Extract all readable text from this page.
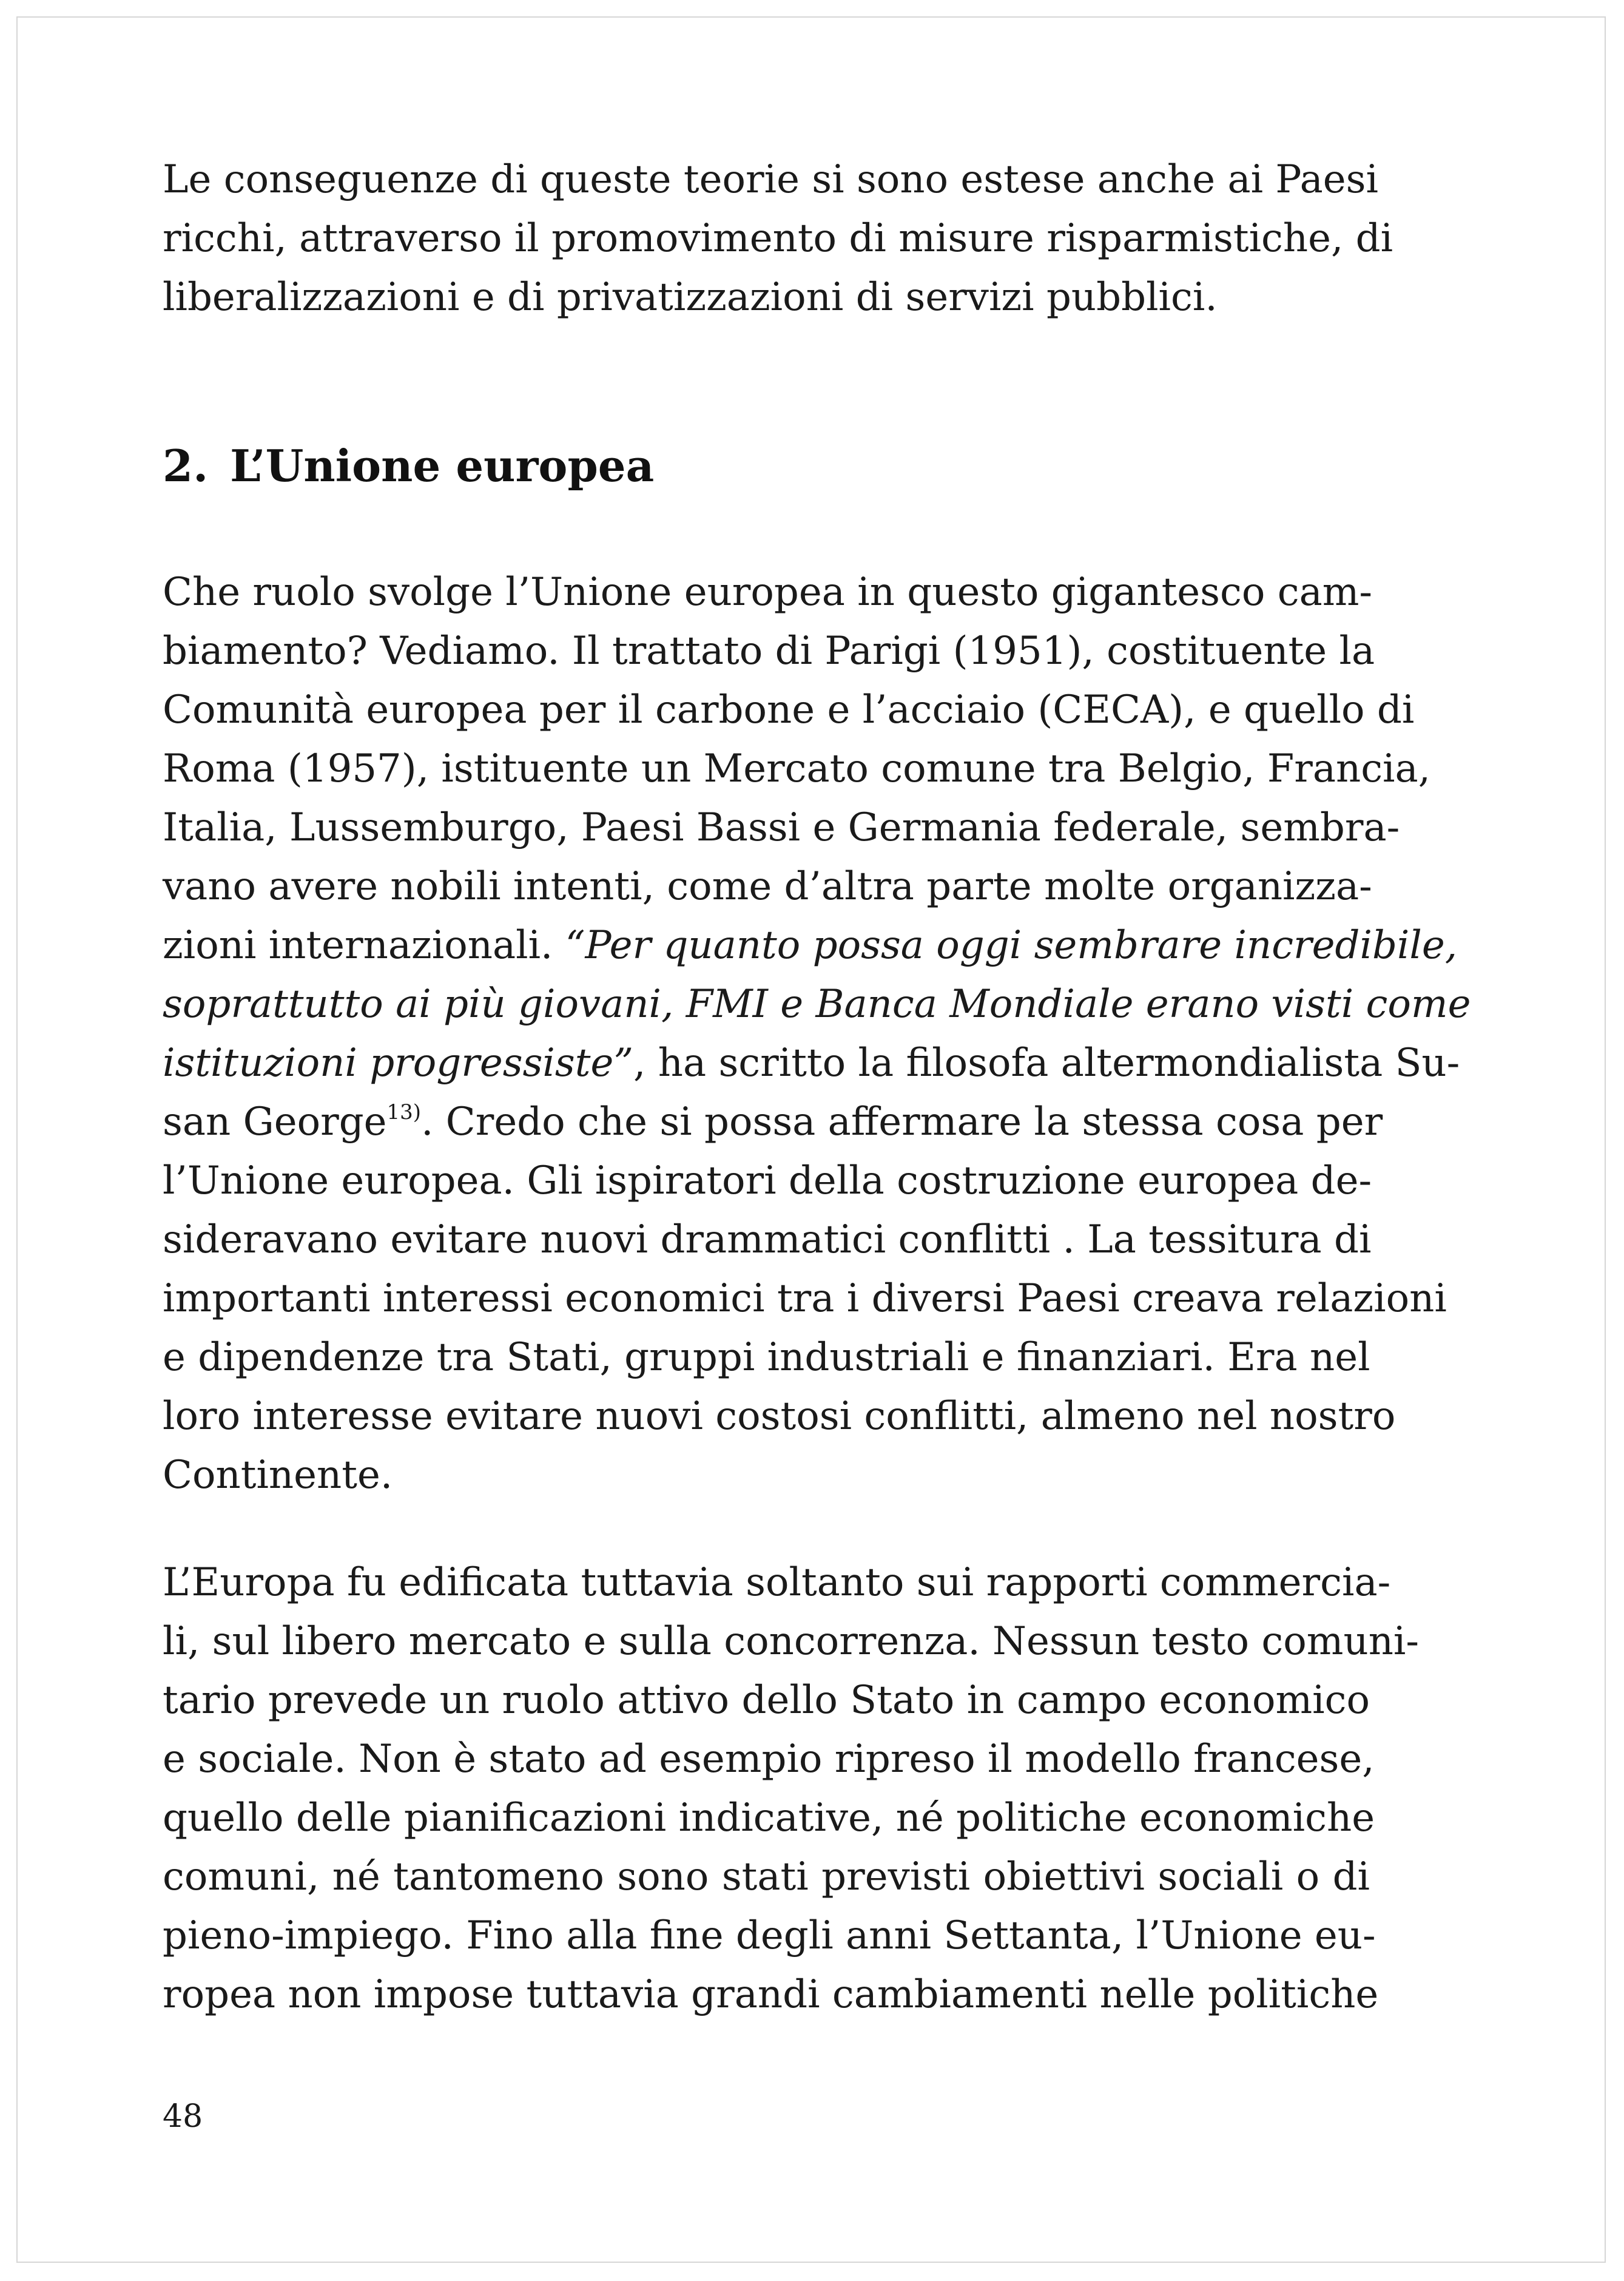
Le conseguenze di queste teorie si sono estese anche ai Paesi
ricchi, attraverso il promovimento di misure risparmistiche, di
liberalizzazioni e di privatizzazioni di servizi pubblici.
2. L’Unione europea
Che ruolo svolge l’Unione europea in questo gigantesco cam-
biamento? Vediamo. Il trattato di Parigi (1951), costituente la
Comunità europea per il carbone e l’acciaio (CECA), e quello di
Roma (1957), istituente un Mercato comune tra Belgio, Francia,
Italia, Lussemburgo, Paesi Bassi e Germania federale, sembra-
vano avere nobili intenti, come d’altra parte molte organizza-
zioni internazionali. “Per quanto possa oggi sembrare incredibile,
soprattutto ai più giovani, FMI e Banca Mondiale erano visti come
istituzioni progressiste”, ha scritto la filosofa altermondialista Su-
san George$^{13)}$. Credo che si possa affermare la stessa cosa per
l’Unione europea. Gli ispiratori della costruzione europea de-
sideravano evitare nuovi drammatici conflitti . La tessitura di
importanti interessi economici tra i diversi Paesi creava relazioni
e dipendenze tra Stati, gruppi industriali e finanziari. Era nel
loro interesse evitare nuovi costosi conflitti, almeno nel nostro
Continente.
L’Europa fu edificata tuttavia soltanto sui rapporti commercia-
li, sul libero mercato e sulla concorrenza. Nessun testo comuni-
tario prevede un ruolo attivo dello Stato in campo economico
e sociale. Non è stato ad esempio ripreso il modello francese,
quello delle pianificazioni indicative, né politiche economiche
comuni, né tantomeno sono stati previsti obiettivi sociali o di
pieno-impiego. Fino alla fine degli anni Settanta, l’Unione eu-
ropea non impose tuttavia grandi cambiamenti nelle politiche
48
